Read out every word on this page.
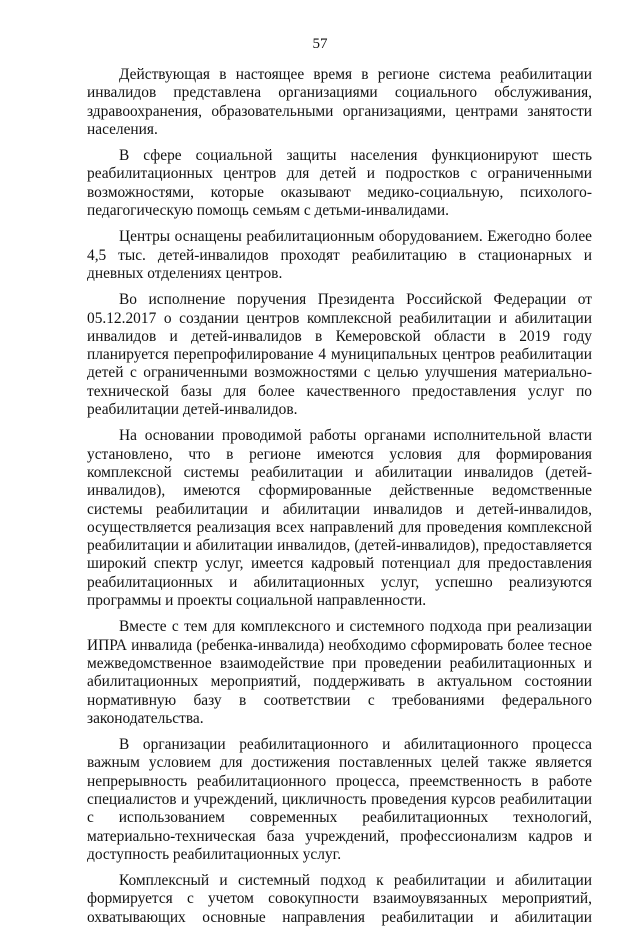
57

Действующая в настоящее время в регионе система реабилитации инвалидов представлена организациями социального обслуживания, здравоохранения, образовательными организациями, центрами занятости населения.

В сфере социальной защиты населения функционируют шесть реабилитационных центров для детей и подростков с ограниченными возможностями, которые оказывают медико-социальную, психолого-педагогическую помощь семьям с детьми-инвалидами.

Центры оснащены реабилитационным оборудованием. Ежегодно более 4,5 тыс. детей-инвалидов проходят реабилитацию в стационарных и дневных отделениях центров.

Во исполнение поручения Президента Российской Федерации от 05.12.2017 о создании центров комплексной реабилитации и абилитации инвалидов и детей-инвалидов в Кемеровской области в 2019 году планируется перепрофилирование 4 муниципальных центров реабилитации детей с ограниченными возможностями с целью улучшения материально-технической базы для более качественного предоставления услуг по реабилитации детей-инвалидов.

На основании проводимой работы органами исполнительной власти установлено, что в регионе имеются условия для формирования комплексной системы реабилитации и абилитации инвалидов (детей-инвалидов), имеются сформированные действенные ведомственные системы реабилитации и абилитации инвалидов и детей-инвалидов, осуществляется реализация всех направлений для проведения комплексной реабилитации и абилитации инвалидов, (детей-инвалидов), предоставляется широкий спектр услуг, имеется кадровый потенциал для предоставления реабилитационных и абилитационных услуг, успешно реализуются программы и проекты социальной направленности.

Вместе с тем для комплексного и системного подхода при реализации ИПРА инвалида (ребенка-инвалида) необходимо сформировать более тесное межведомственное взаимодействие при проведении реабилитационных и абилитационных мероприятий, поддерживать в актуальном состоянии нормативную базу в соответствии с требованиями федерального законодательства.

В организации реабилитационного и абилитационного процесса важным условием для достижения поставленных целей также является непрерывность реабилитационного процесса, преемственность в работе специалистов и учреждений, цикличность проведения курсов реабилитации с использованием современных реабилитационных технологий, материально-техническая база учреждений, профессионализм кадров и доступность реабилитационных услуг.

Комплексный и системный подход к реабилитации и абилитации формируется с учетом совокупности взаимоувязанных мероприятий, охватывающих основные направления реабилитации и абилитации
